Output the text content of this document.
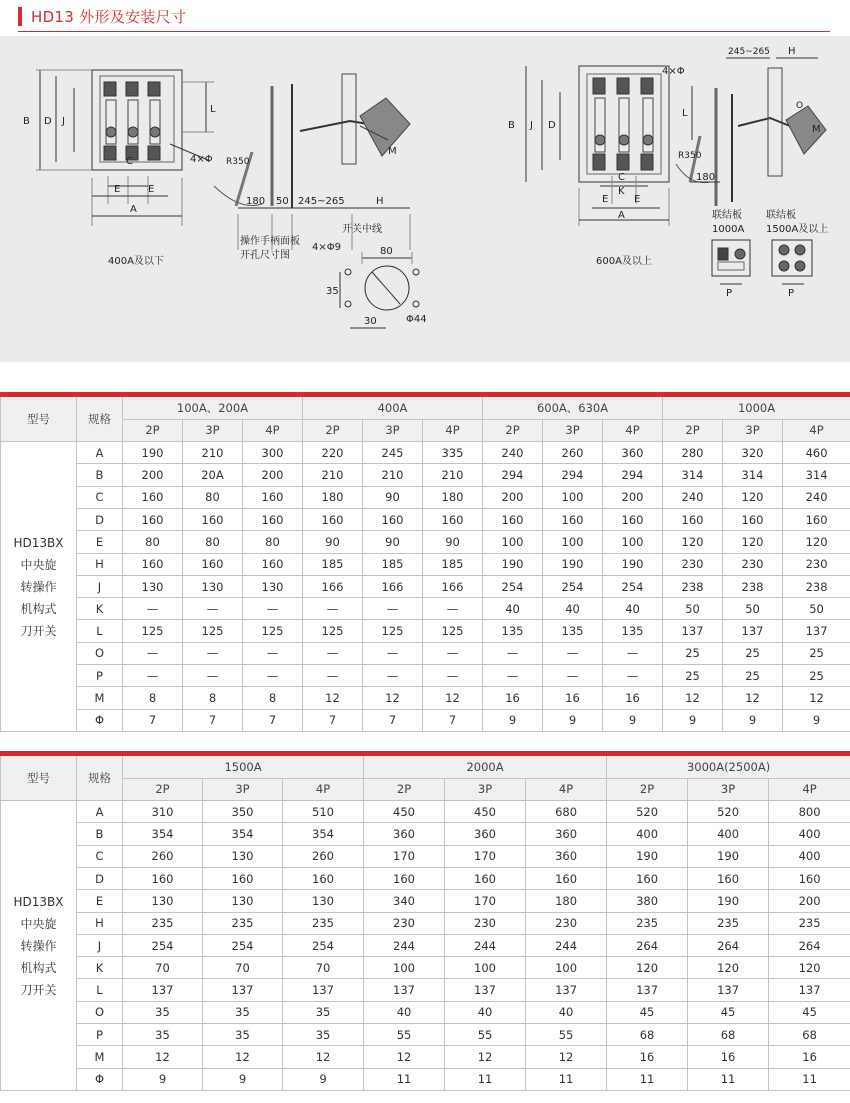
HD13 外形及安装尺寸
B D J
L
4×Φ
C
E	E
A
R350
180 50 245~265	H
M
开关中线
操作手柄面板
开孔尺寸图
4×Φ9	80
35
30	Φ44
400A及以下
B J D
L
4×Φ
K
C
E	E
A
R350
180
245~265 H
M
O
联结板
1000A
联结板
1500A及以上
P	P
600A及以上
型号	规格	100A、200A			400A			600A、630A			1000A		
		2P	3P	4P	2P	3P	4P	2P	3P	4P	2P	3P	4P

HD13BX
中央旋
转操作
机构式
刀开关	A	190	210	300	220	245	335	240	260	360	280	320	460
	B	200	20A	200	210	210	210	294	294	294	314	314	314
	C	160	80	160	180	90	180	200	100	200	240	120	240
	D	160	160	160	160	160	160	160	160	160	160	160	160
	E	80	80	80	90	90	90	100	100	100	120	120	120
	H	160	160	160	185	185	185	190	190	190	230	230	230
	J	130	130	130	166	166	166	254	254	254	238	238	238
	K	—	—	—	—	—	—	40	40	40	50	50	50
	L	125	125	125	125	125	125	135	135	135	137	137	137
	O	—	—	—	—	—	—	—	—	—	25	25	25
	P	—	—	—	—	—	—	—	—	—	25	25	25
	M	8	8	8	12	12	12	16	16	16	12	12	12
	Φ	7	7	7	7	7	7	9	9	9	9	9	9
型号	规格	1500A			2000A			3000A(2500A)		
		2P	3P	4P	2P	3P	4P	2P	3P	4P

HD13BX
中央旋
转操作
机构式
刀开关	A	310	350	510	450	450	680	520	520	800
	B	354	354	354	360	360	360	400	400	400
	C	260	130	260	170	170	360	190	190	400
	D	160	160	160	160	160	160	160	160	160
	E	130	130	130	340	170	180	380	190	200
	H	235	235	235	230	230	230	235	235	235
	J	254	254	254	244	244	244	264	264	264
	K	70	70	70	100	100	100	120	120	120
	L	137	137	137	137	137	137	137	137	137
	O	35	35	35	40	40	40	45	45	45
	P	35	35	35	55	55	55	68	68	68
	M	12	12	12	12	12	12	16	16	16
	Φ	9	9	9	11	11	11	11	11	11
